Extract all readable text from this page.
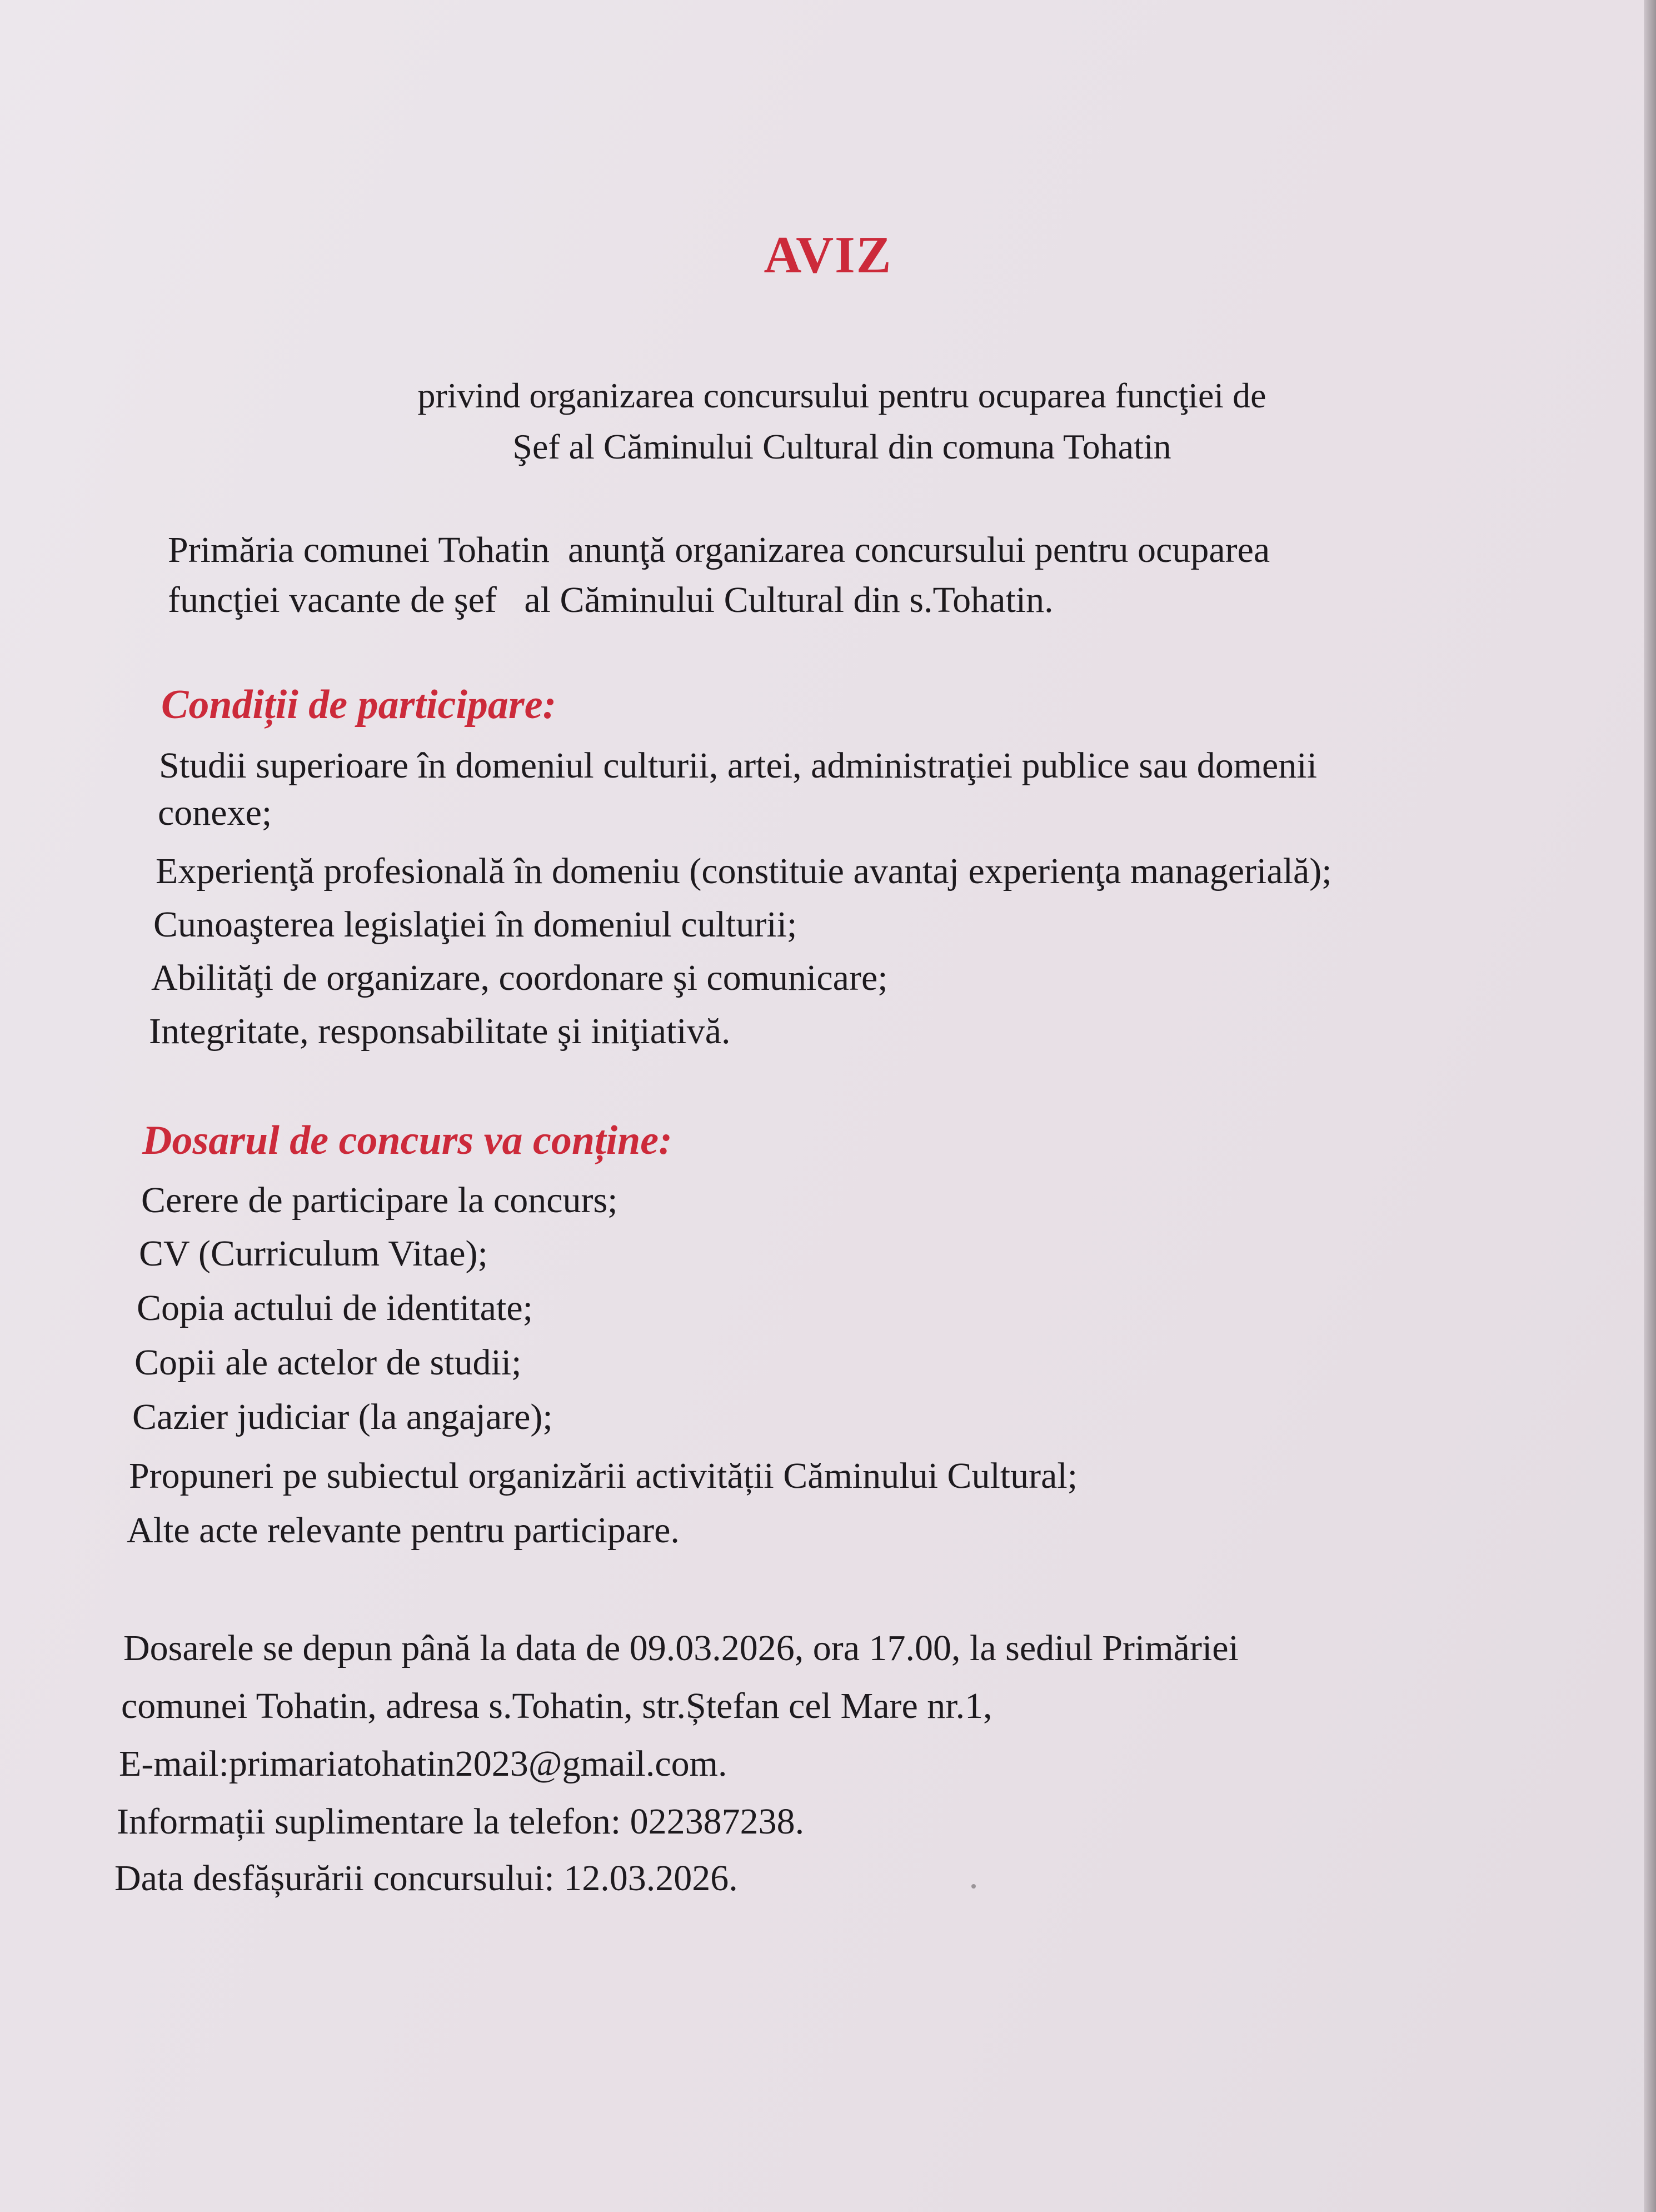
AVIZ
privind organizarea concursului pentru ocuparea funcţiei de
Şef al Căminului Cultural din comuna Tohatin
Primăria comunei Tohatin  anunţă organizarea concursului pentru ocuparea
funcţiei vacante de şef   al Căminului Cultural din s.Tohatin.
Condiții de participare:
Studii superioare în domeniul culturii, artei, administraţiei publice sau domenii
conexe;
Experienţă profesională în domeniu (constituie avantaj experienţa managerială);
Cunoaşterea legislaţiei în domeniul culturii;
Abilităţi de organizare, coordonare şi comunicare;
Integritate, responsabilitate şi iniţiativă.
Dosarul de concurs va conține:
Cerere de participare la concurs;
CV (Curriculum Vitae);
Copia actului de identitate;
Copii ale actelor de studii;
Cazier judiciar (la angajare);
Propuneri pe subiectul organizării activității Căminului Cultural;
Alte acte relevante pentru participare.
Dosarele se depun până la data de 09.03.2026, ora 17.00, la sediul Primăriei
comunei Tohatin, adresa s.Tohatin, str.Ștefan cel Mare nr.1,
E-mail:primariatohatin2023@gmail.com.
Informații suplimentare la telefon: 022387238.
Data desfășurării concursului: 12.03.2026.
